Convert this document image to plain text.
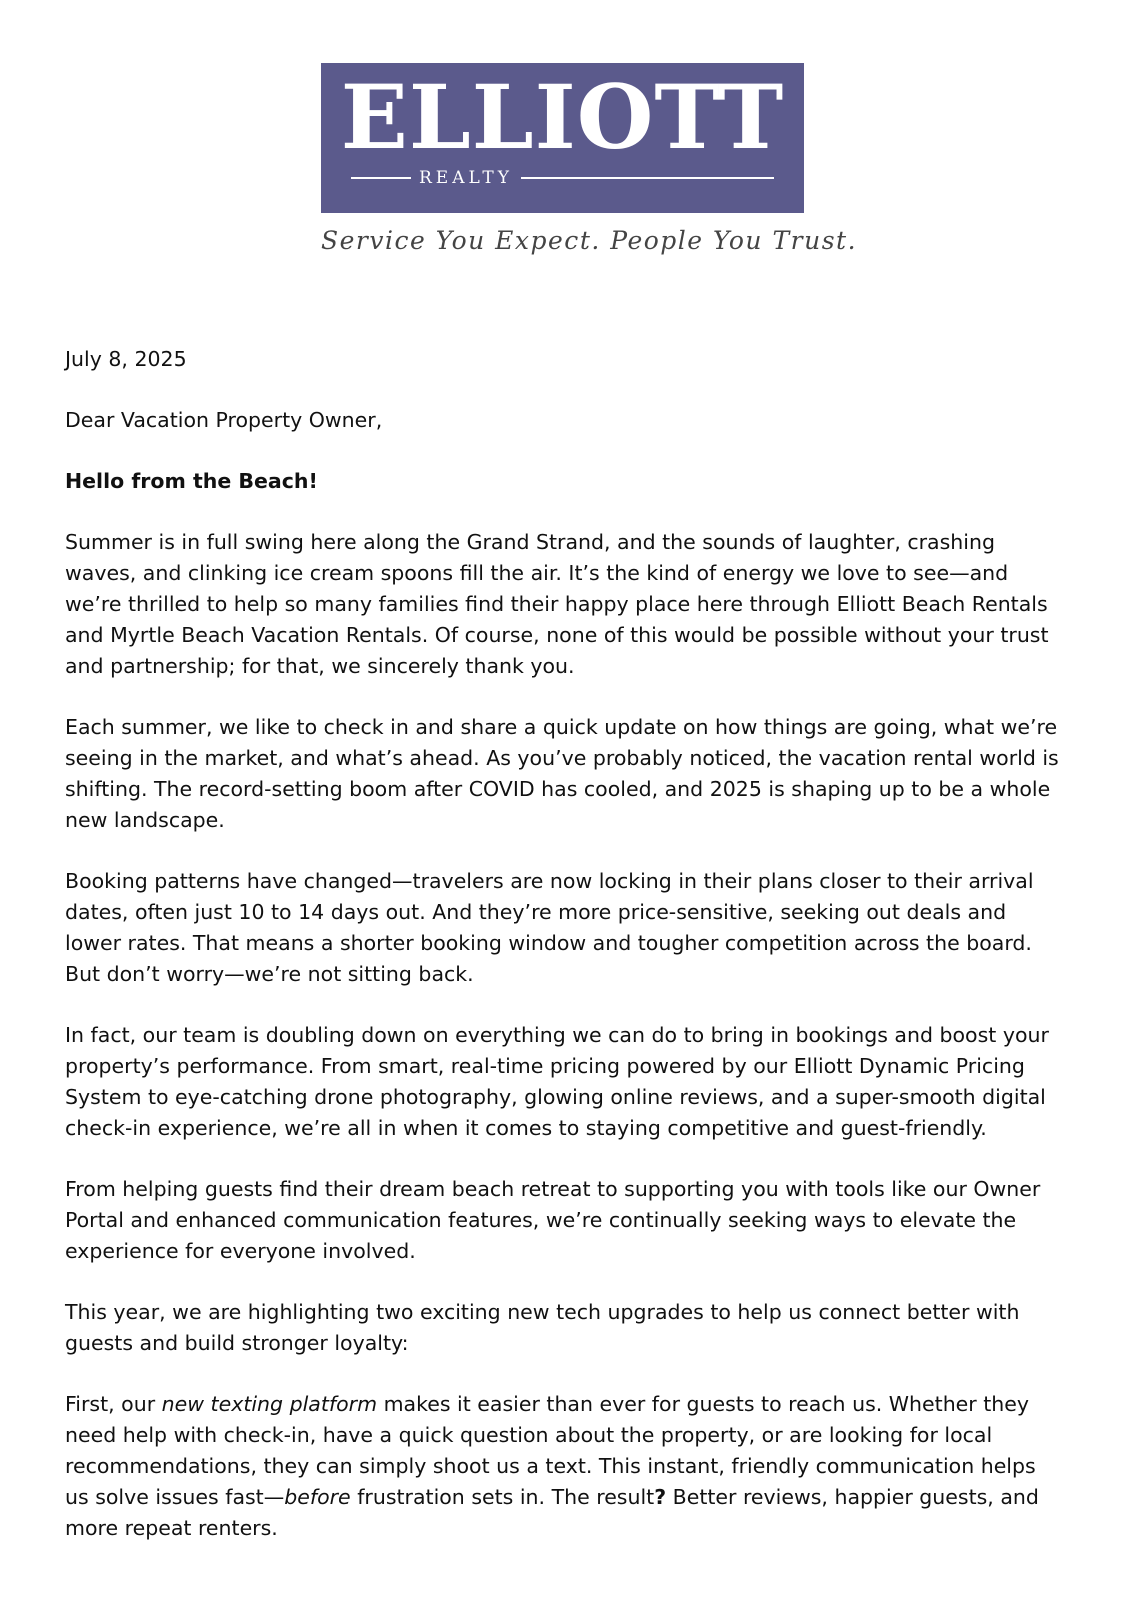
ELLIOTT
REALTY
Service You Expect. People You Trust.

July 8, 2025

Dear Vacation Property Owner,

Hello from the Beach!

Summer is in full swing here along the Grand Strand, and the sounds of laughter, crashing waves, and clinking ice cream spoons fill the air. It’s the kind of energy we love to see—and we’re thrilled to help so many families find their happy place here through Elliott Beach Rentals and Myrtle Beach Vacation Rentals. Of course, none of this would be possible without your trust and partnership; for that, we sincerely thank you.

Each summer, we like to check in and share a quick update on how things are going, what we’re seeing in the market, and what’s ahead. As you’ve probably noticed, the vacation rental world is shifting. The record-setting boom after COVID has cooled, and 2025 is shaping up to be a whole new landscape.

Booking patterns have changed—travelers are now locking in their plans closer to their arrival dates, often just 10 to 14 days out. And they’re more price-sensitive, seeking out deals and lower rates. That means a shorter booking window and tougher competition across the board. But don’t worry—we’re not sitting back.

In fact, our team is doubling down on everything we can do to bring in bookings and boost your property’s performance. From smart, real-time pricing powered by our Elliott Dynamic Pricing System to eye-catching drone photography, glowing online reviews, and a super-smooth digital check-in experience, we’re all in when it comes to staying competitive and guest-friendly.

From helping guests find their dream beach retreat to supporting you with tools like our Owner Portal and enhanced communication features, we’re continually seeking ways to elevate the experience for everyone involved.

This year, we are highlighting two exciting new tech upgrades to help us connect better with guests and build stronger loyalty:

First, our new texting platform makes it easier than ever for guests to reach us. Whether they need help with check-in, have a quick question about the property, or are looking for local recommendations, they can simply shoot us a text. This instant, friendly communication helps us solve issues fast—before frustration sets in. The result? Better reviews, happier guests, and more repeat renters.
